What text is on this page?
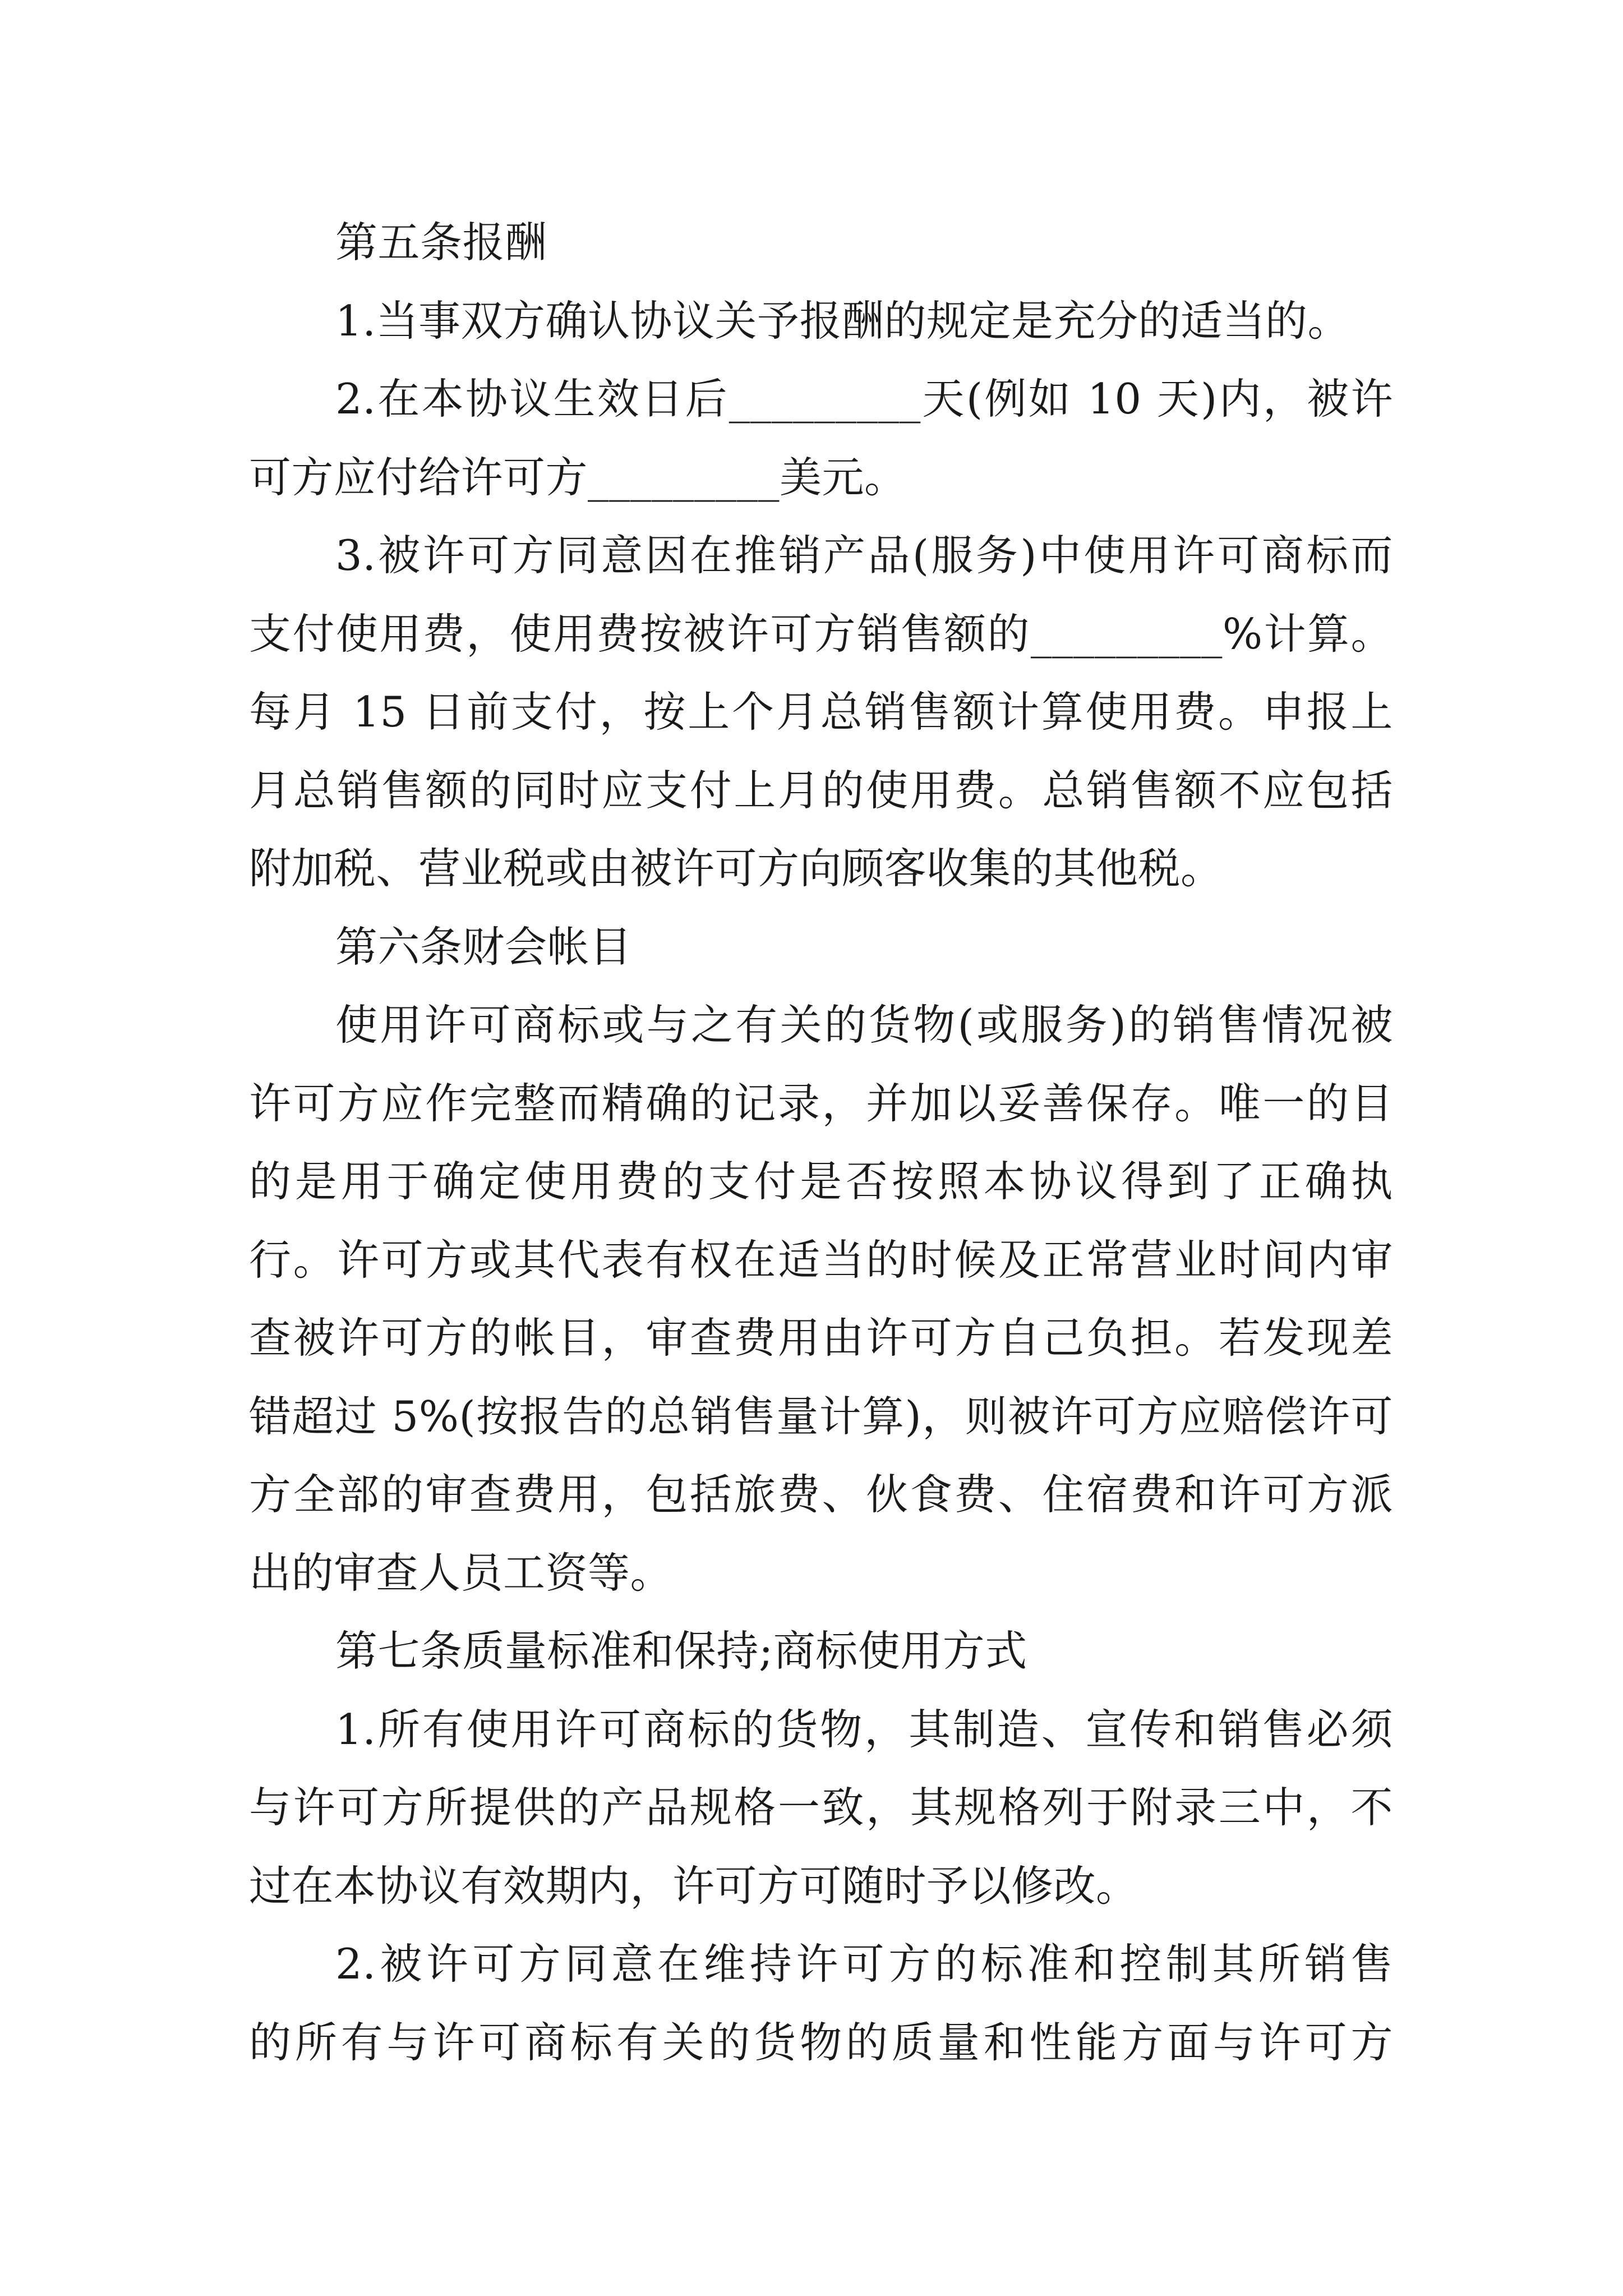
第五条报酬
1.当事双方确认协议关予报酬的规定是充分的适当的。
2.在本协议生效日后_________天(例如 10 天)内，被许
可方应付给许可方_________美元。
3.被许可方同意因在推销产品(服务)中使用许可商标而
支付使用费，使用费按被许可方销售额的_________%计算。
每月 15 日前支付，按上个月总销售额计算使用费。申报上
月总销售额的同时应支付上月的使用费。总销售额不应包括
附加税、营业税或由被许可方向顾客收集的其他税。
第六条财会帐目
使用许可商标或与之有关的货物(或服务)的销售情况被
许可方应作完整而精确的记录，并加以妥善保存。唯一的目
的是用于确定使用费的支付是否按照本协议得到了正确执
行。许可方或其代表有权在适当的时候及正常营业时间内审
查被许可方的帐目，审查费用由许可方自己负担。若发现差
错超过 5%(按报告的总销售量计算)，则被许可方应赔偿许可
方全部的审查费用，包括旅费、伙食费、住宿费和许可方派
出的审查人员工资等。
第七条质量标准和保持;商标使用方式
1.所有使用许可商标的货物，其制造、宣传和销售必须
与许可方所提供的产品规格一致，其规格列于附录三中，不
过在本协议有效期内，许可方可随时予以修改。
2.被许可方同意在维持许可方的标准和控制其所销售
的所有与许可商标有关的货物的质量和性能方面与许可方
